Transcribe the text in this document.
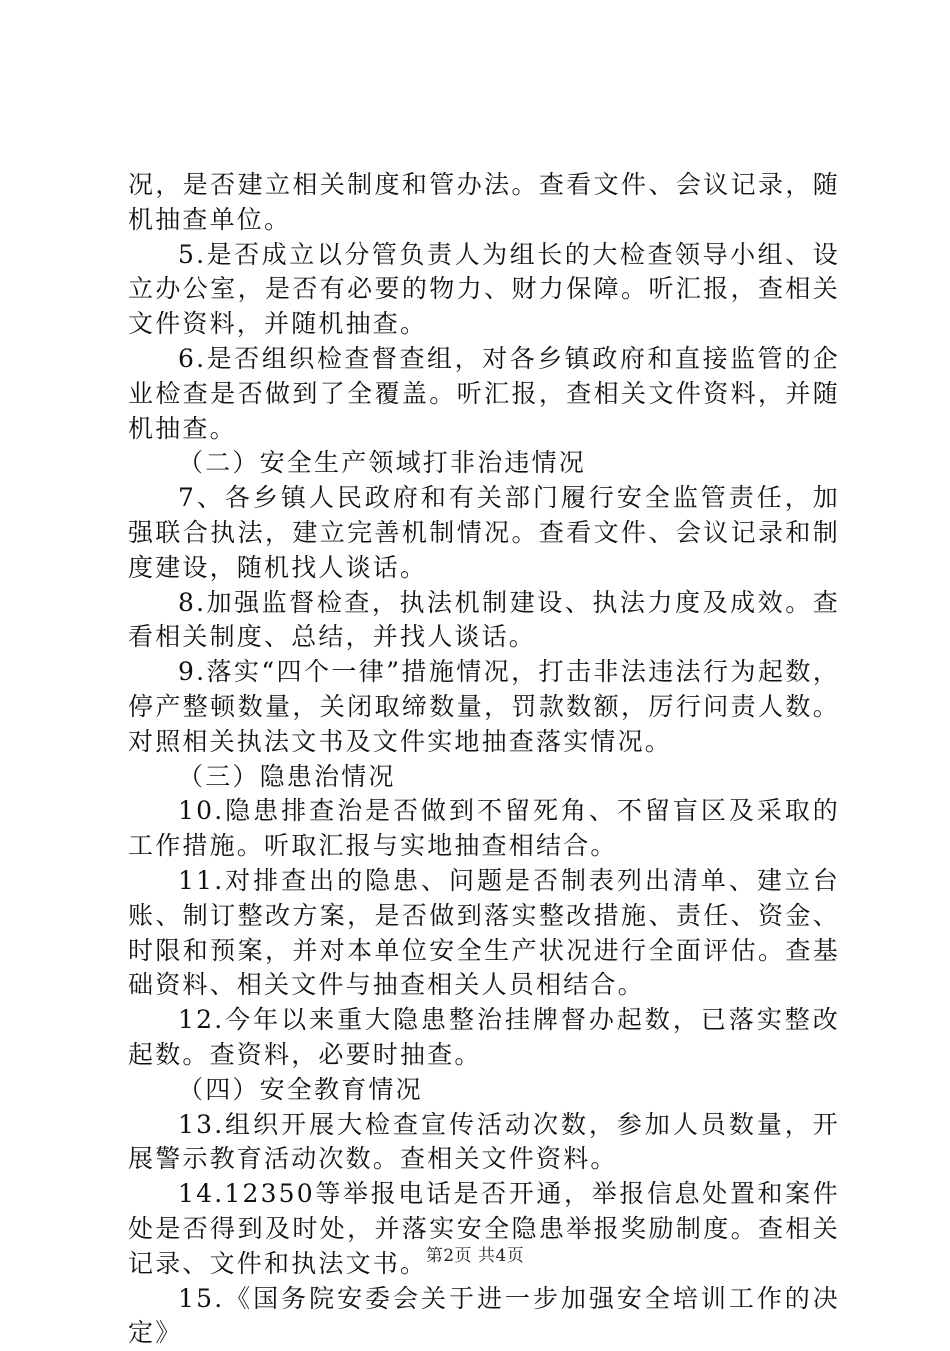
况，是否建立相关制度和管办法。查看文件、会议记录，随机抽查单位。

5.是否成立以分管负责人为组长的大检查领导小组、设立办公室，是否有必要的物力、财力保障。听汇报，查相关文件资料，并随机抽查。

6.是否组织检查督查组，对各乡镇政府和直接监管的企业检查是否做到了全覆盖。听汇报，查相关文件资料，并随机抽查。

（二）安全生产领域打非治违情况

7、各乡镇人民政府和有关部门履行安全监管责任，加强联合执法，建立完善机制情况。查看文件、会议记录和制度建设，随机找人谈话。

8.加强监督检查，执法机制建设、执法力度及成效。查看相关制度、总结，并找人谈话。

9.落实“四个一律”措施情况，打击非法违法行为起数，停产整顿数量，关闭取缔数量，罚款数额，厉行问责人数。对照相关执法文书及文件实地抽查落实情况。

（三）隐患治情况

10.隐患排查治是否做到不留死角、不留盲区及采取的工作措施。听取汇报与实地抽查相结合。

11.对排查出的隐患、问题是否制表列出清单、建立台账、制订整改方案，是否做到落实整改措施、责任、资金、时限和预案，并对本单位安全生产状况进行全面评估。查基础资料、相关文件与抽查相关人员相结合。

12.今年以来重大隐患整治挂牌督办起数，已落实整改起数。查资料，必要时抽查。

（四）安全教育情况

13.组织开展大检查宣传活动次数，参加人员数量，开展警示教育活动次数。查相关文件资料。

14.12350等举报电话是否开通，举报信息处置和案件处是否得到及时处，并落实安全隐患举报奖励制度。查相关记录、文件和执法文书。

15.《国务院安委会关于进一步加强安全培训工作的决定》

第2页 共4页
